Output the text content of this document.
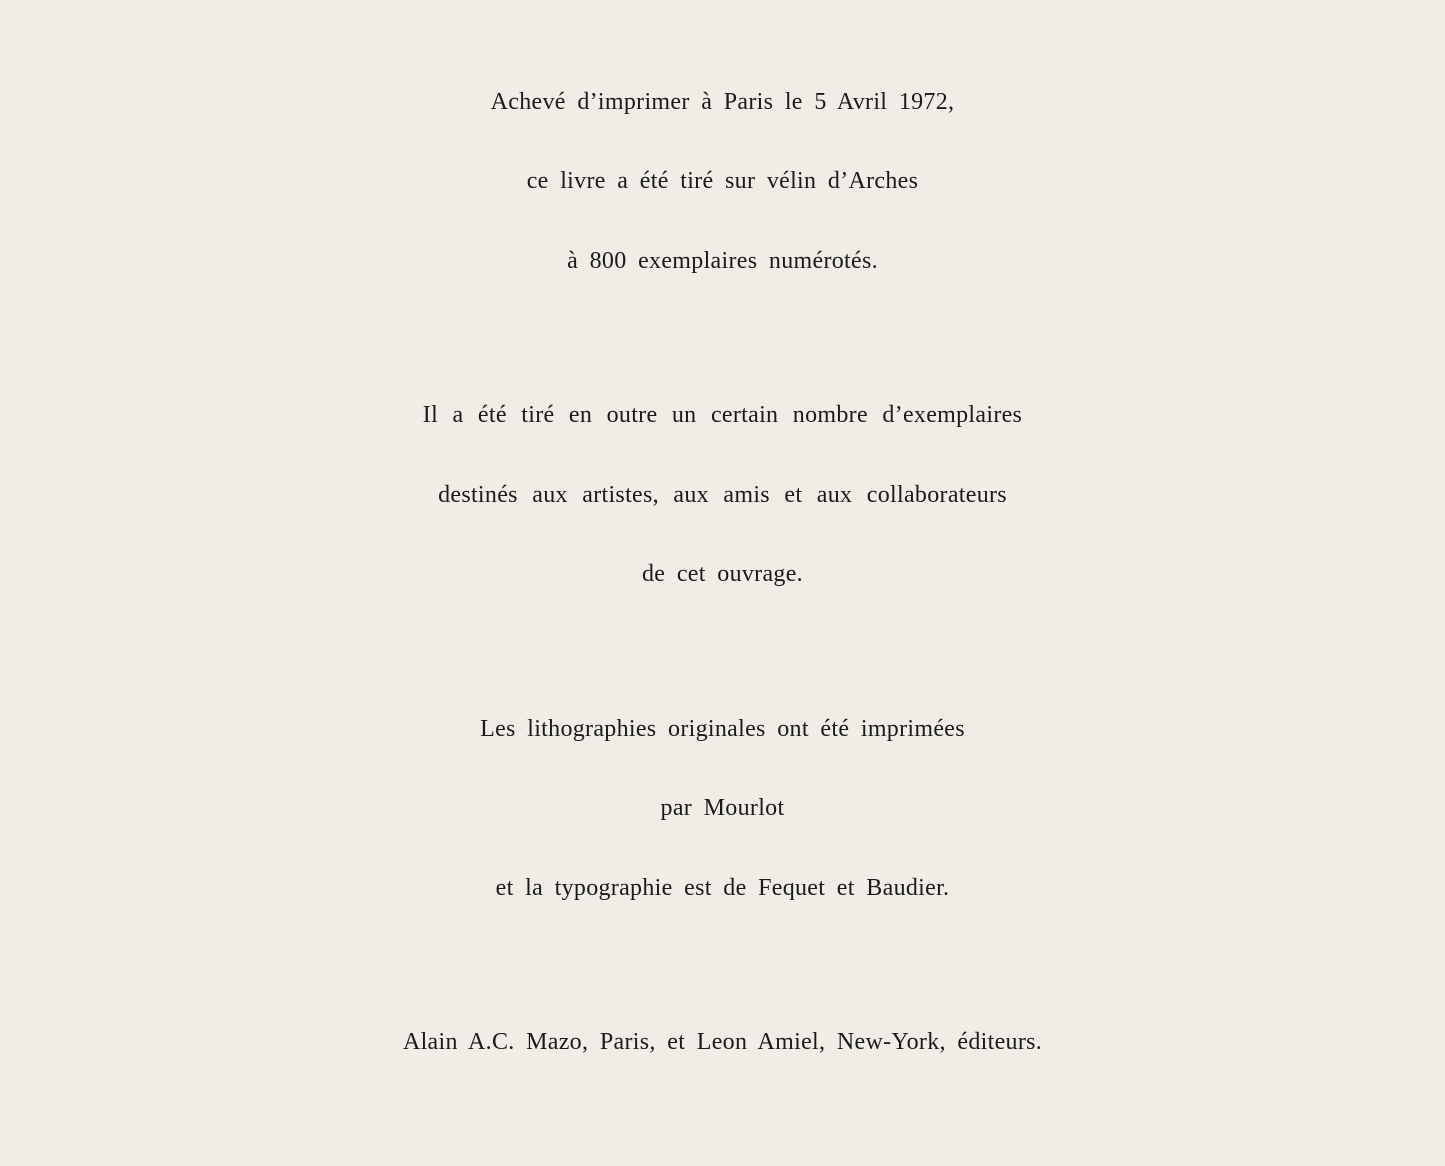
Achevé d’imprimer à Paris le 5 Avril 1972,
ce livre a été tiré sur vélin d’Arches
à 800 exemplaires numérotés.
Il a été tiré en outre un certain nombre d’exemplaires
destinés aux artistes, aux amis et aux collaborateurs
de cet ouvrage.
Les lithographies originales ont été imprimées
par Mourlot
et la typographie est de Fequet et Baudier.
Alain A.C. Mazo, Paris, et Leon Amiel, New-York, éditeurs.
